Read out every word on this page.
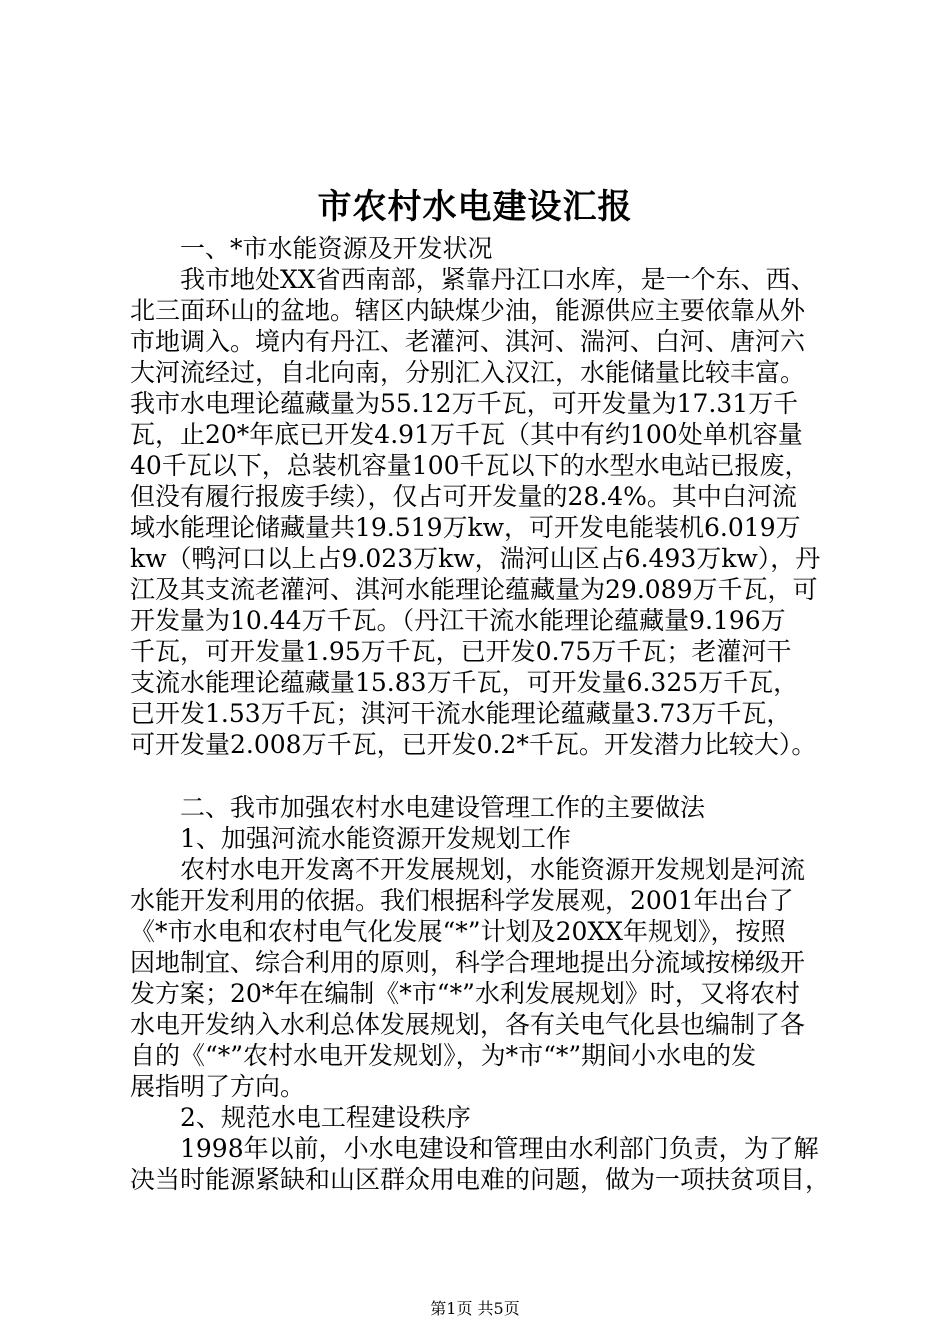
市农村水电建设汇报
一、*市水能资源及开发状况
我市地处XX省西南部，紧靠丹江口水库，是一个东、西、
北三面环山的盆地。辖区内缺煤少油，能源供应主要依靠从外
市地调入。境内有丹江、老灌河、淇河、湍河、白河、唐河六
大河流经过，自北向南，分别汇入汉江，水能储量比较丰富。
我市水电理论蕴藏量为55.12万千瓦，可开发量为17.31万千
瓦，止20*年底已开发4.91万千瓦（其中有约100处单机容量
40千瓦以下，总装机容量100千瓦以下的水型水电站已报废，
但没有履行报废手续），仅占可开发量的28.4%。其中白河流
域水能理论储藏量共19.519万kw，可开发电能装机6.019万
kw（鸭河口以上占9.023万kw，湍河山区占6.493万kw），丹
江及其支流老灌河、淇河水能理论蕴藏量为29.089万千瓦，可
开发量为10.44万千瓦。（丹江干流水能理论蕴藏量9.196万
千瓦，可开发量1.95万千瓦，已开发0.75万千瓦；老灌河干
支流水能理论蕴藏量15.83万千瓦，可开发量6.325万千瓦，
已开发1.53万千瓦；淇河干流水能理论蕴藏量3.73万千瓦，
可开发量2.008万千瓦，已开发0.2*千瓦。开发潜力比较大）。
二、我市加强农村水电建设管理工作的主要做法
1、加强河流水能资源开发规划工作
农村水电开发离不开发展规划，水能资源开发规划是河流
水能开发利用的依据。我们根据科学发展观，2001年出台了
《*市水电和农村电气化发展“*”计划及20XX年规划》，按照
因地制宜、综合利用的原则，科学合理地提出分流域按梯级开
发方案；20*年在编制《*市“*”水利发展规划》时，又将农村
水电开发纳入水利总体发展规划，各有关电气化县也编制了各
自的《“*”农村水电开发规划》，为*市“*”期间小水电的发
展指明了方向。
2、规范水电工程建设秩序
1998年以前，小水电建设和管理由水利部门负责，为了解
决当时能源紧缺和山区群众用电难的问题，做为一项扶贫项目，
第1页 共5页
